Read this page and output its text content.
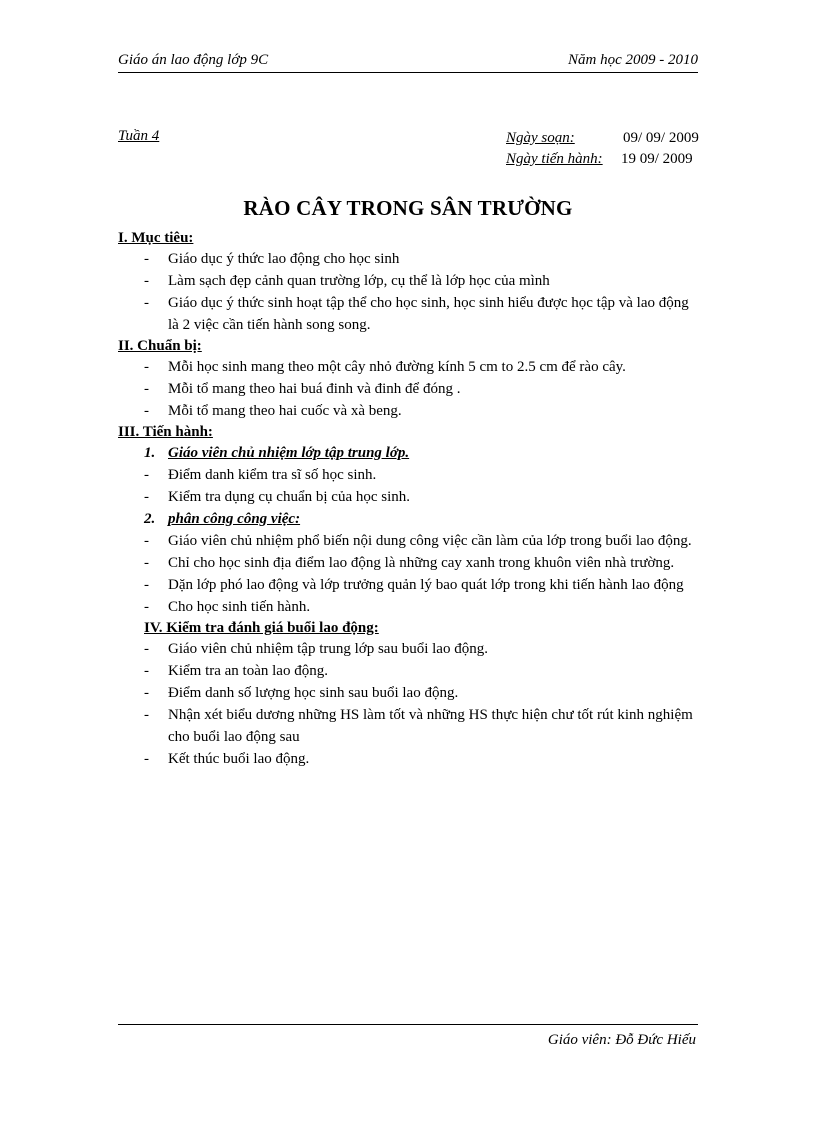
Giáo án lao động lớp 9C	Năm học 2009 - 2010
Tuần 4	Ngày soạn:	09/ 09/ 2009
Ngày tiến hành:	19 09/ 2009
RÀO CÂY TRONG SÂN TRƯỜNG
I. Mục tiêu:
- Giáo dục ý thức lao động cho học sinh
- Làm sạch đẹp cảnh quan trường lớp, cụ thể là lớp học của mình
- Giáo dục ý thức sinh hoạt tập thể cho học sinh, học sinh hiểu được học tập và lao động là 2 việc cần tiến hành song song.
II. Chuẩn bị:
- Mỗi học sinh mang theo một cây nhỏ đường kính 5 cm to 2.5 cm để rào cây.
- Mỗi tổ mang theo hai buá đinh và đinh để đóng .
- Mỗi tổ mang theo hai cuốc và xà beng.
III. Tiến hành:
1. Giáo viên chủ nhiệm lớp tập trung lớp.
- Điểm danh kiểm tra sĩ số học sinh.
- Kiểm tra dụng cụ chuẩn bị của học sinh.
2. phân công công việc:
- Giáo viên chủ nhiệm phổ biến nội dung công việc cần làm của lớp trong buổi lao động.
- Chỉ cho học sinh địa điểm lao động là những cay xanh trong khuôn viên nhà trường.
- Dặn lớp phó lao động và lớp trưởng quản lý bao quát lớp trong khi tiến hành lao động
- Cho học sinh tiến hành.
IV. Kiểm tra đánh giá buổi lao động:
- Giáo viên chủ nhiệm tập trung lớp sau buổi lao động.
- Kiểm tra an toàn lao động.
- Điểm danh số lượng học sinh sau buổi lao động.
- Nhận xét biểu dương những HS làm tốt và những HS thực hiện chư tốt rút kinh nghiệm cho buổi lao động sau
- Kết thúc buổi lao động.
Giáo viên: Đỗ Đức Hiếu
